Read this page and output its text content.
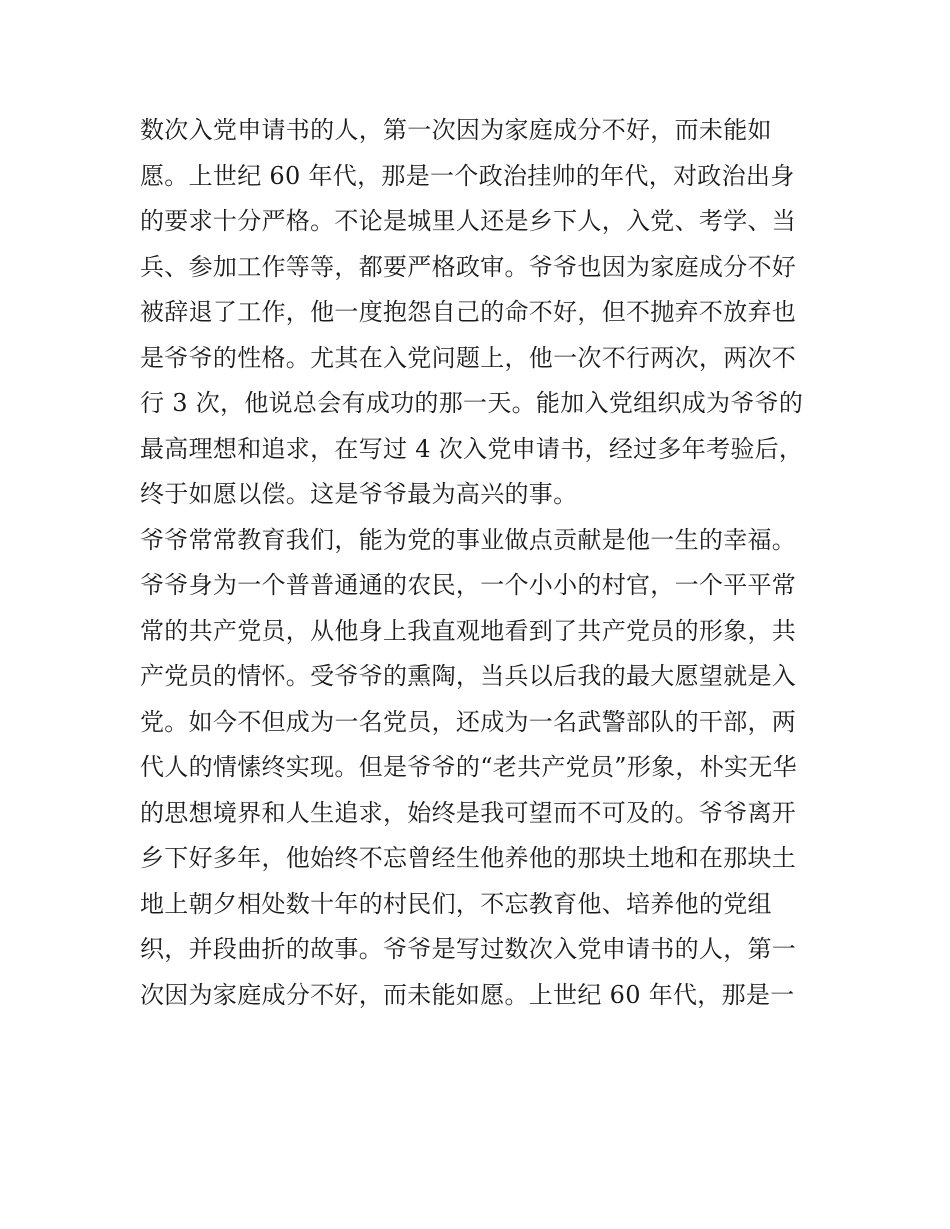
数次入党申请书的人，第一次因为家庭成分不好，而未能如
愿。上世纪 60 年代，那是一个政治挂帅的年代，对政治出身
的要求十分严格。不论是城里人还是乡下人，入党、考学、当
兵、参加工作等等，都要严格政审。爷爷也因为家庭成分不好
被辞退了工作，他一度抱怨自己的命不好，但不抛弃不放弃也
是爷爷的性格。尤其在入党问题上，他一次不行两次，两次不
行 3 次，他说总会有成功的那一天。能加入党组织成为爷爷的
最高理想和追求，在写过 4 次入党申请书，经过多年考验后，
终于如愿以偿。这是爷爷最为高兴的事。
爷爷常常教育我们，能为党的事业做点贡献是他一生的幸福。
爷爷身为一个普普通通的农民，一个小小的村官，一个平平常
常的共产党员，从他身上我直观地看到了共产党员的形象，共
产党员的情怀。受爷爷的熏陶，当兵以后我的最大愿望就是入
党。如今不但成为一名党员，还成为一名武警部队的干部，两
代人的情愫终实现。但是爷爷的“老共产党员”形象，朴实无华
的思想境界和人生追求，始终是我可望而不可及的。爷爷离开
乡下好多年，他始终不忘曾经生他养他的那块土地和在那块土
地上朝夕相处数十年的村民们，不忘教育他、培养他的党组
织，并段曲折的故事。爷爷是写过数次入党申请书的人，第一
次因为家庭成分不好，而未能如愿。上世纪 60 年代，那是一
